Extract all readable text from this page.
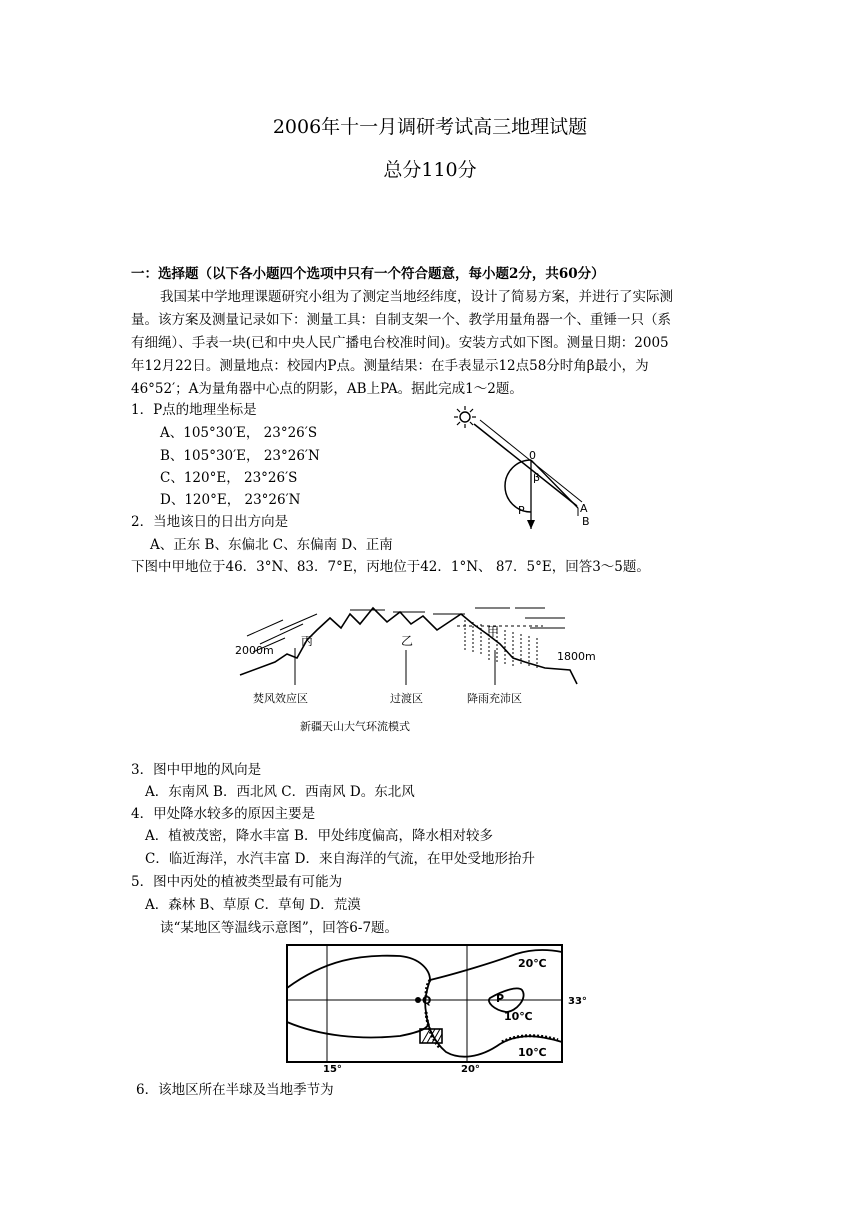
2006年十一月调研考试高三地理试题
总分110分
一：选择题（以下各小题四个选项中只有一个符合题意，每小题2分，共60分）
我国某中学地理课题研究小组为了测定当地经纬度，设计了简易方案，并进行了实际测
量。该方案及测量记录如下：测量工具：自制支架一个、教学用量角器一个、重锤一只（系
有细绳）、手表一块(已和中央人民广播电台校准时间)。安装方式如下图。测量日期：2005
年12月22日。测量地点：校园内P点。测量结果：在手表显示12点58分时角β最小，为
46°52′；A为量角器中心点的阴影，AB上PA。据此完成1～2题。
1．P点的地理坐标是
A、105°30′E， 23°26′S
B、105°30′E， 23°26′N
C、120°E， 23°26′S
D、120°E， 23°26′N
2．当地该日的日出方向是
A、正东 B、东偏北 C、东偏南 D、正南
0
β
P	A
B
下图中甲地位于46．3°N、83．7°E，丙地位于42．1°N、 87．5°E，回答3～5题。
丙	乙
甲
2000m	1800m
焚风效应区	过渡区	降雨充沛区
新疆天山大气环流模式
3．图中甲地的风向是
A．东南风 B．西北风 C．西南风 D。东北风
4．甲处降水较多的原因主要是
A．植被茂密，降水丰富 B．甲处纬度偏高，降水相对较多
C．临近海洋，水汽丰富 D．来自海洋的气流，在甲处受地形抬升
5．图中丙处的植被类型最有可能为
A．森林 B、草原 C．草甸 D．荒漠
读“某地区等温线示意图”，回答6-7题。
20℃
P
10℃
10℃
Q	33°
15°	20°
6．该地区所在半球及当地季节为
